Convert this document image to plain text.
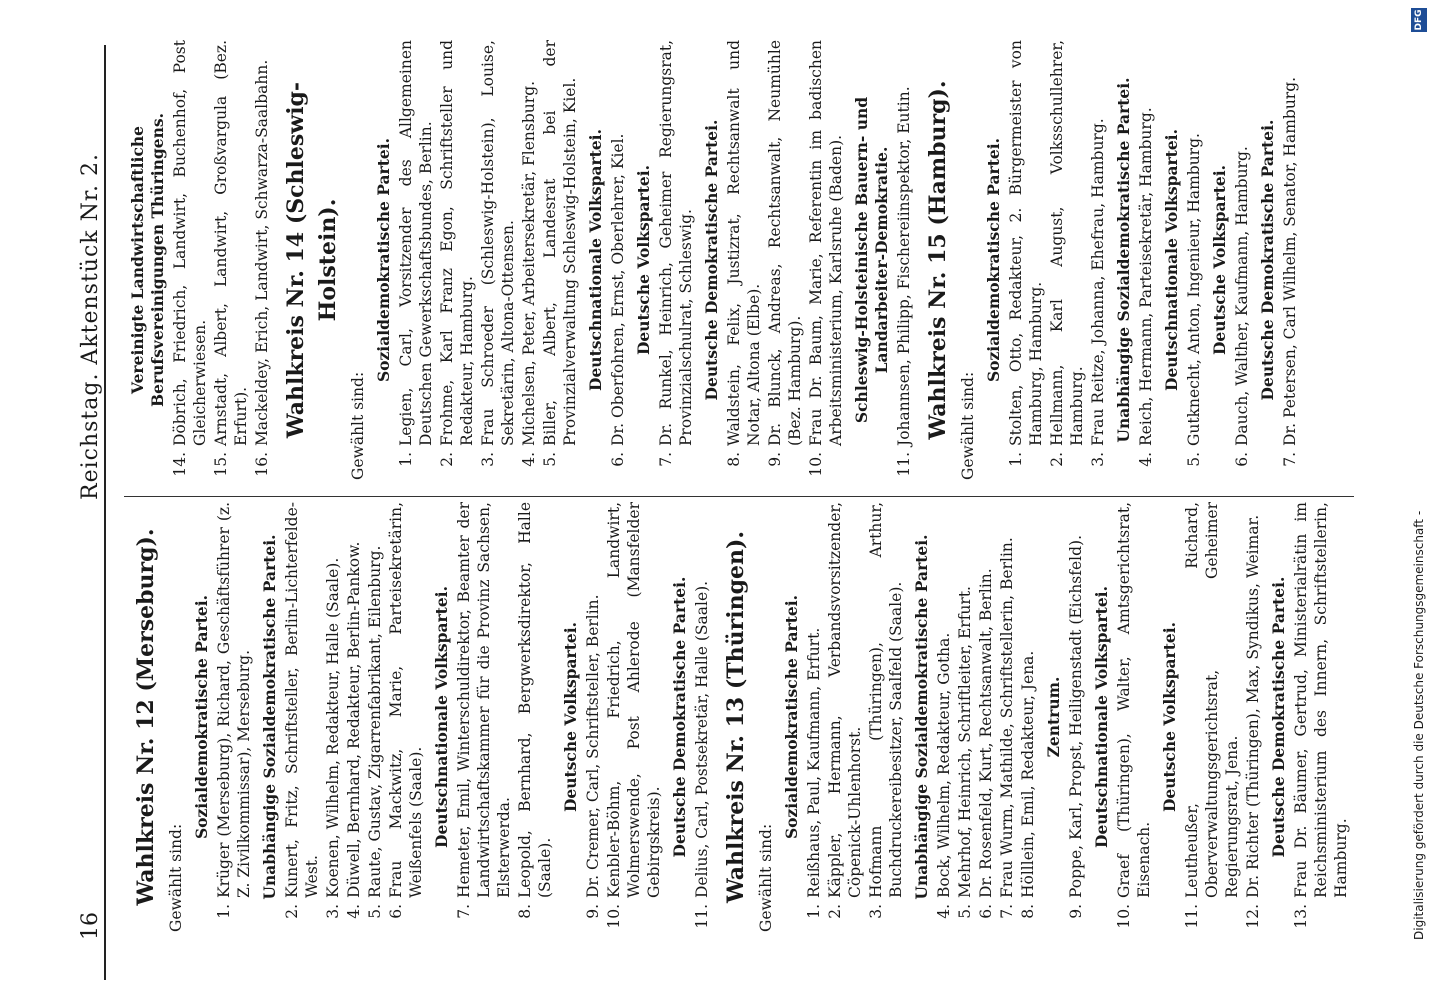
16
Reichstag. Aktenstück Nr. 2.
Wahlkreis Nr. 12 (Merseburg). Gewählt sind:
Sozialdemokratische Partei.
1.
Krüger (Merseburg), Richard, Geschäftsführer (z. Z. Zivilkommissar), Merseburg. Unabhängige Sozialdemokratische Partei.
2.
Kunert, Fritz, Schriftsteller, Berlin-Lichterfelde-West.
3.
Koenen, Wilhelm, Redakteur, Halle (Saale).
4.
Düwell, Bernhard, Redakteur, Berlin-Pankow.
5.
Raute, Gustav, Zigarrenfabrikant, Eilenburg.
6.
Frau Mackwitz, Marie, Parteisekretärin, Weißenfels (Saale). Deutschnationale Volkspartei.
7.
Hemeter, Emil, Winterschuldirektor, Beamter der Landwirtschaftskammer für die Provinz Sachsen, Elsterwerda.
8.
Leopold, Bernhard, Bergwerksdirektor, Halle (Saale).
Deutsche Volkspartei.
9.
Dr. Cremer, Carl, Schriftsteller, Berlin.
10.
Kenbler-Böhm, Friedrich, Landwirt, Wolmerswende, Post Ahlerode (Mansfelder Gebirgskreis). Deutsche Demokratische Partei.
11.
Delius, Carl, Postsekretär, Halle (Saale). Wahlkreis Nr. 13 (Thüringen). Gewählt sind:
Sozialdemokratische Partei.
1.
Reißhaus, Paul, Kaufmann, Erfurt.
2.
Käppler, Hermann, Verbandsvorsitzender, Cöpenick-Uhlenhorst.
3.
Hofmann (Thüringen), Arthur, Buchdruckereibesitzer, Saalfeld (Saale). Unabhängige Sozialdemokratische Partei.
4.
Bock, Wilhelm, Redakteur, Gotha.
5.
Mehrhof, Heinrich, Schriftleiter, Erfurt.
6.
Dr. Rosenfeld, Kurt, Rechtsanwalt, Berlin.
7.
Frau Wurm, Mathilde, Schriftstellerin, Berlin.
8.
Hölllein, Emil, Redakteur, Jena. Zentrum.
9.
Poppe, Karl, Propst, Heiligenstadt (Eichsfeld). Deutschnationale Volkspartei.
10.
Graef (Thüringen), Walter, Amtsgerichtsrat, Eisenach.
Deutsche Volkspartei.
11.
Leutheußer, Richard, Oberverwaltungsgerichtsrat, Geheimer Regierungsrat, Jena.
12.
Dr. Richter (Thüringen), Max, Syndikus, Weimar. Deutsche Demokratische Partei.
13.
Frau Dr. Bäumer, Gertrud, Ministerialrätin im Reichsministerium des Innern, Schriftstellerin, Hamburg.
Vereinigte Landwirtschaftliche Berufsvereinigungen Thüringens.
14.
Döbrich, Friedrich, Landwirt, Buchenhof, Post Gleicherwiesen.
15.
Arnstadt, Albert, Landwirt, Großvargula (Bez. Erfurt).
16.
Mackeldey, Erich, Landwirt, Schwarza-Saalbahn. Wahlkreis Nr. 14 (Schleswig-Holstein).
Gewählt sind:
Sozialdemokratische Partei.
1.
Legien, Carl, Vorsitzender des Allgemeinen Deutschen Gewerkschaftsbundes, Berlin.
2.
Frohme, Karl Franz Egon, Schriftsteller und Redakteur, Hamburg.
3.
Frau Schroeder (Schleswig-Holstein), Louise, Sekretärin, Altona-Ottensen.
4.
Michelsen, Peter, Arbeitersekretär, Flensburg.
5.
Biller, Albert, Landesrat bei der Provinzialverwaltung Schleswig-Holstein, Kiel. Deutschnationale Volkspartei.
6.
Dr. Oberfohren, Ernst, Oberlehrer, Kiel. Deutsche Volkspartei.
7.
Dr. Runkel, Heinrich, Geheimer Regierungsrat, Provinzialschulrat, Schleswig. Deutsche Demokratische Partei.
8.
Waldstein, Felix, Justizrat, Rechtsanwalt und Notar, Altona (Elbe).
9.
Dr. Blunck, Andreas, Rechtsanwalt, Neumühle (Bez. Hamburg).
10.
Frau Dr. Baum, Marie, Referentin im badischen Arbeitsministerium, Karlsruhe (Baden). Schleswig-Holsteinische Bauern- und Landarbeiter-Demokratie.
11.
Johannsen, Philipp, Fischereiinspektor, Eutin. Wahlkreis Nr. 15 (Hamburg). Gewählt sind:
Sozialdemokratische Partei.
1.
Stolten, Otto, Redakteur, 2. Bürgermeister von Hamburg, Hamburg.
2.
Hellmann, Karl August, Volksschullehrer, Hamburg.
3.
Frau Reitze, Johanna, Ehefrau, Hamburg. Unabhängige Sozialdemokratische Partei.
4.
Reich, Hermann, Parteisekretär, Hamburg. Deutschnationale Volkspartei.
5.
Gutknecht, Anton, Ingenieur, Hamburg. Deutsche Volkspartei.
6.
Dauch, Walther, Kaufmann, Hamburg. Deutsche Demokratische Partei.
7.
Dr. Petersen, Carl Wilhelm, Senator, Hamburg.
Digitalisierung gefördert durch die Deutsche Forschungsgemeinschaft -
DFG
